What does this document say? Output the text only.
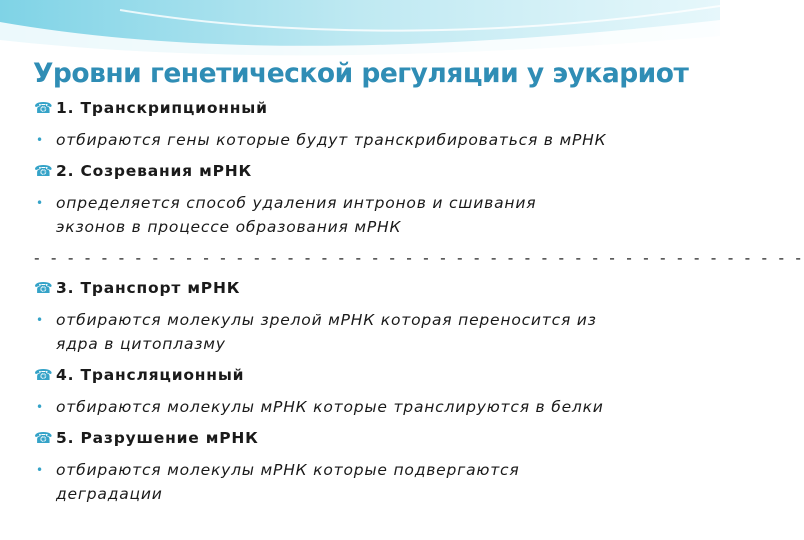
Уровни генетической регуляции у эукариот
☎ 1. Транскрипционный
• отбираются гены которые будут транскрибироваться в мРНК
☎ 2. Созревания мРНК
• определяется способ удаления интронов и сшивания
экзонов в процессе образования мРНК
- - - - - - - - - - - - - - - - - - - - - - - - - - - - - - - - - - - - - - - - - - - - - -
☎ 3. Транспорт мРНК
• отбираются молекулы зрелой мРНК которая переносится из
ядра в цитоплазму
☎ 4. Трансляционный
• отбираются молекулы мРНК которые транслируются в белки
☎ 5. Разрушение мРНК
• отбираются молекулы мРНК которые подвергаются
деградации
